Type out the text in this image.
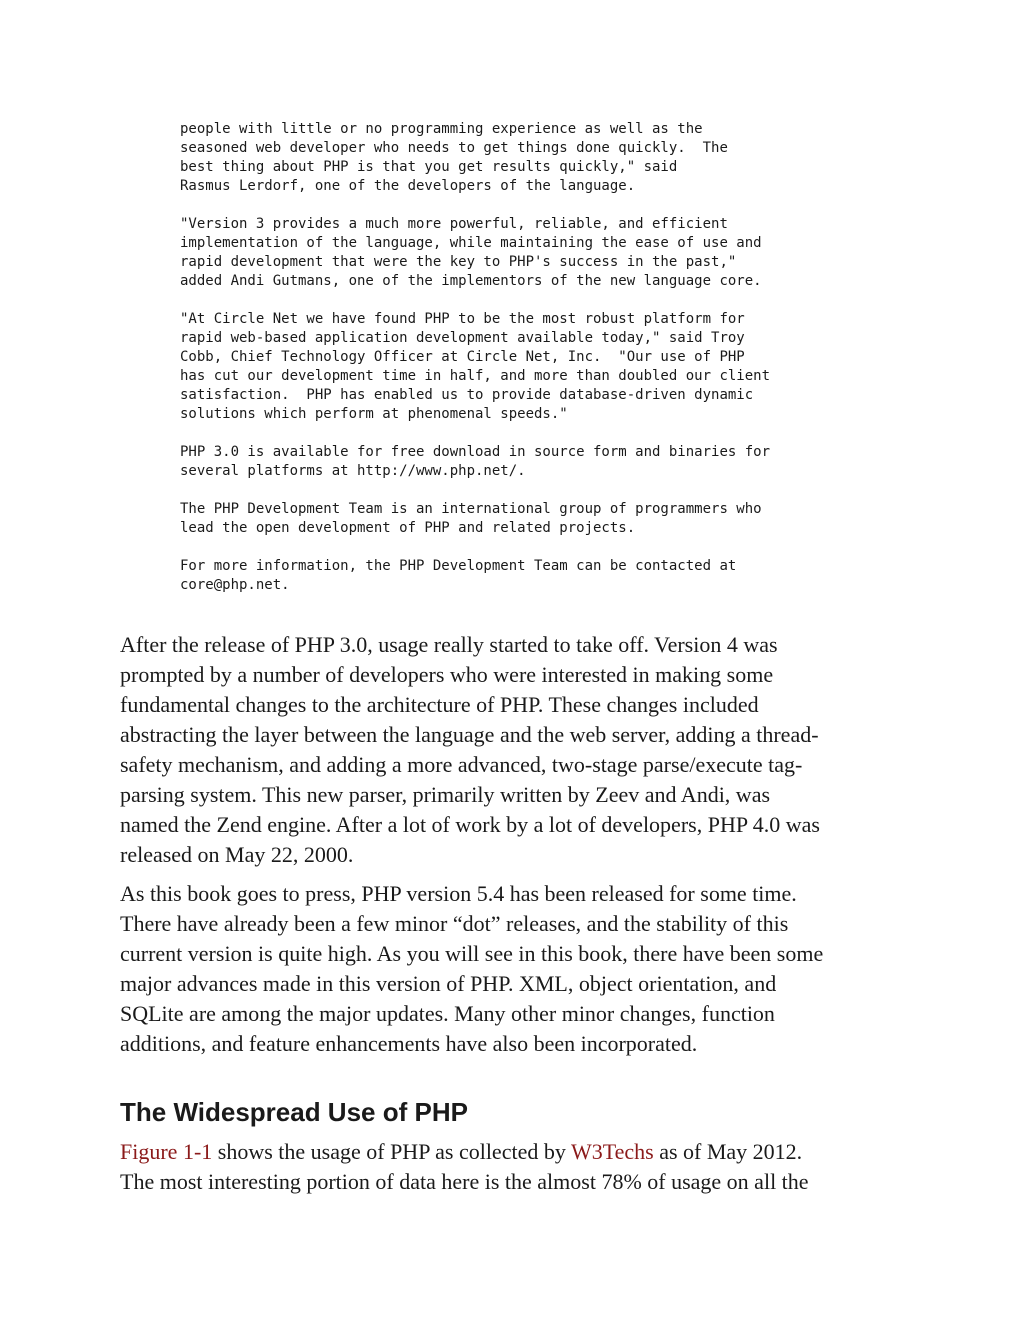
people with little or no programming experience as well as the
seasoned web developer who needs to get things done quickly.  The
best thing about PHP is that you get results quickly," said
Rasmus Lerdorf, one of the developers of the language.
"Version 3 provides a much more powerful, reliable, and efficient
implementation of the language, while maintaining the ease of use and
rapid development that were the key to PHP's success in the past,"
added Andi Gutmans, one of the implementors of the new language core.
"At Circle Net we have found PHP to be the most robust platform for
rapid web-based application development available today," said Troy
Cobb, Chief Technology Officer at Circle Net, Inc.  "Our use of PHP
has cut our development time in half, and more than doubled our client
satisfaction.  PHP has enabled us to provide database-driven dynamic
solutions which perform at phenomenal speeds."
PHP 3.0 is available for free download in source form and binaries for
several platforms at http://www.php.net/.
The PHP Development Team is an international group of programmers who
lead the open development of PHP and related projects.
For more information, the PHP Development Team can be contacted at
core@php.net.

After the release of PHP 3.0, usage really started to take off. Version 4 was
prompted by a number of developers who were interested in making some
fundamental changes to the architecture of PHP. These changes included
abstracting the layer between the language and the web server, adding a thread-
safety mechanism, and adding a more advanced, two-stage parse/execute tag-
parsing system. This new parser, primarily written by Zeev and Andi, was
named the Zend engine. After a lot of work by a lot of developers, PHP 4.0 was
released on May 22, 2000.

As this book goes to press, PHP version 5.4 has been released for some time.
There have already been a few minor “dot” releases, and the stability of this
current version is quite high. As you will see in this book, there have been some
major advances made in this version of PHP. XML, object orientation, and
SQLite are among the major updates. Many other minor changes, function
additions, and feature enhancements have also been incorporated.

The Widespread Use of PHP

Figure 1-1 shows the usage of PHP as collected by W3Techs as of May 2012.
The most interesting portion of data here is the almost 78% of usage on all the
